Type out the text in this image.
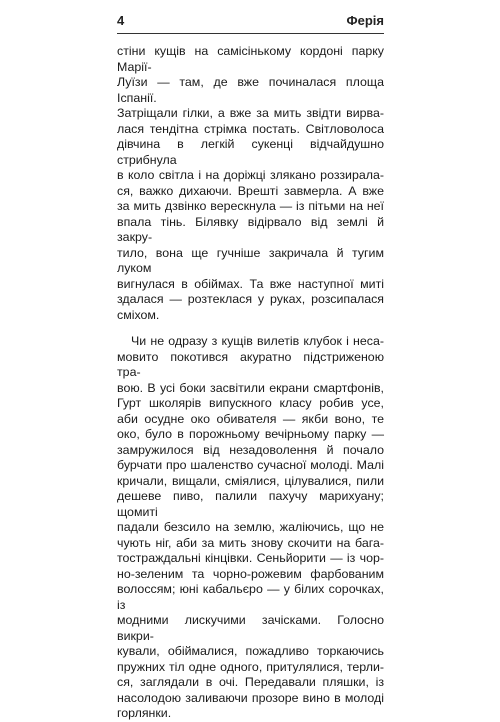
4	Ферія
стіни кущів на самісінькому кордоні парку Марії-
Луїзи — там, де вже починалася площа Іспанії.
Затріщали гілки, а вже за мить звідти вирва-
лася тендітна стрімка постать. Світловолоса
дівчина в легкій сукенці відчайдушно стрибнула
в коло світла і на доріжці злякано роззирала-
ся, важко дихаючи. Врешті завмерла. А вже
за мить дзвінко верескнула — із пітьми на неї
впала тінь. Білявку відірвало від землі й закру-
тило, вона ще гучніше закричала й тугим луком
вигнулася в обіймах. Та вже наступної миті
здалася — розтеклася у руках, розсипалася
сміхом.
Чи не одразу з кущів вилетів клубок і неса-
мовито покотився акуратно підстриженою тра-
вою. В усі боки засвітили екрани смартфонів,
Гурт школярів випускного класу робив усе,
аби осудне око обивателя — якби воно, те
око, було в порожньому вечірньому парку —
замружилося від незадоволення й почало
бурчати про шаленство сучасної молоді. Малі
кричали, вищали, сміялися, цілувалися, пили
дешеве пиво, палили пахучу марихуану; щомиті
падали безсило на землю, жаліючись, що не
чують ніг, аби за мить знову скочити на бага-
тостраждальні кінцівки. Сеньйорити — із чор-
но-зеленим та чорно-рожевим фарбованим
волоссям; юні кабальєро — у білих сорочках, із
модними лискучими зачісками. Голосно викри-
кували, обіймалися, пожадливо торкаючись
пружних тіл одне одного, притулялися, терли-
ся, заглядали в очі. Передавали пляшки, із
насолодою заливаючи прозоре вино в молоді
горлянки.
